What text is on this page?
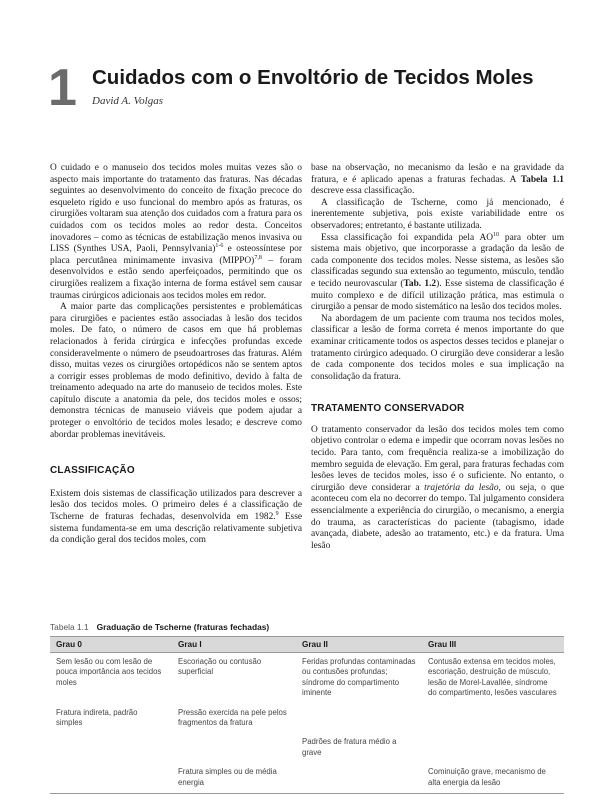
1 Cuidados com o Envoltório de Tecidos Moles
David A. Volgas

O cuidado e o manuseio dos tecidos moles muitas vezes são o aspecto mais importante do tratamento das fraturas. Nas décadas seguintes ao desenvolvimento do conceito de fixação precoce do esqueleto rígido e uso funcional do membro após as fraturas, os cirurgiões voltaram sua atenção dos cuidados com a fratura para os cuidados com os tecidos moles ao redor desta. Conceitos inovadores – como as técnicas de estabilização menos invasiva ou LISS (Synthes USA, Paoli, Pennsylvania)$^{1-6}$ e osteossíntese por placa percutânea minimamente invasiva (MIPPO)$^{7,8}$ – foram desenvolvidos e estão sendo aperfeiçoados, permitindo que os cirurgiões realizem a fixação interna de forma estável sem causar traumas cirúrgicos adicionais aos tecidos moles em redor.

A maior parte das complicações persistentes e problemáticas para cirurgiões e pacientes estão associadas à lesão dos tecidos moles. De fato, o número de casos em que há problemas relacionados à ferida cirúrgica e infecções profundas excede consideravelmente o número de pseudoartroses das fraturas. Além disso, muitas vezes os cirurgiões ortopédicos não se sentem aptos a corrigir esses problemas de modo definitivo, devido à falta de treinamento adequado na arte do manuseio de tecidos moles. Este capítulo discute a anatomia da pele, dos tecidos moles e ossos; demonstra técnicas de manuseio viáveis que podem ajudar a proteger o envoltório de tecidos moles lesado; e descreve como abordar problemas inevitáveis.

CLASSIFICAÇÃO

Existem dois sistemas de classificação utilizados para descrever a lesão dos tecidos moles. O primeiro deles é a classificação de Tscherne de fraturas fechadas, desenvolvida em 1982.$^9$ Esse sistema fundamenta-se em uma descrição relativamente subjetiva da condição geral dos tecidos moles, com

base na observação, no mecanismo da lesão e na gravidade da fratura, e é aplicado apenas a fraturas fechadas. A Tabela 1.1 descreve essa classificação.

A classificação de Tscherne, como já mencionado, é inerentemente subjetiva, pois existe variabilidade entre os observadores; entretanto, é bastante utilizada.

Essa classificação foi expandida pela AO$^{10}$ para obter um sistema mais objetivo, que incorporasse a gradação da lesão de cada componente dos tecidos moles. Nesse sistema, as lesões são classificadas segundo sua extensão ao tegumento, músculo, tendão e tecido neurovascular (Tab. 1.2). Esse sistema de classificação é muito complexo e de difícil utilização prática, mas estimula o cirurgião a pensar de modo sistemático na lesão dos tecidos moles.

Na abordagem de um paciente com trauma nos tecidos moles, classificar a lesão de forma correta é menos importante do que examinar criticamente todos os aspectos desses tecidos e planejar o tratamento cirúrgico adequado. O cirurgião deve considerar a lesão de cada componente dos tecidos moles e sua implicação na consolidação da fratura.

TRATAMENTO CONSERVADOR

O tratamento conservador da lesão dos tecidos moles tem como objetivo controlar o edema e impedir que ocorram novas lesões no tecido. Para tanto, com frequência realiza-se a imobilização do membro seguida de elevação. Em geral, para fraturas fechadas com lesões leves de tecidos moles, isso é o suficiente. No entanto, o cirurgião deve considerar a trajetória da lesão, ou seja, o que aconteceu com ela no decorrer do tempo. Tal julgamento considera essencialmente a experiência do cirurgião, o mecanismo, a energia do trauma, as características do paciente (tabagismo, idade avançada, diabete, adesão ao tratamento, etc.) e da fratura. Uma lesão

Tabela 1.1 Graduação de Tscherne (fraturas fechadas)
Grau 0	Grau I	Grau II	Grau III
Sem lesão ou com lesão de pouca importância aos tecidos moles	Escoriação ou contusão superficial	Feridas profundas contaminadas ou contusões profundas; síndrome do compartimento iminente	Contusão extensa em tecidos moles, escoriação, destruição de músculo, lesão de Morel-Lavallée, síndrome do compartimento, lesões vasculares
Fratura indireta, padrão simples	Pressão exercida na pele pelos fragmentos da fratura		
		Padrões de fratura médio a grave	
	Fratura simples ou de média energia		Cominuição grave, mecanismo de alta energia da lesão
